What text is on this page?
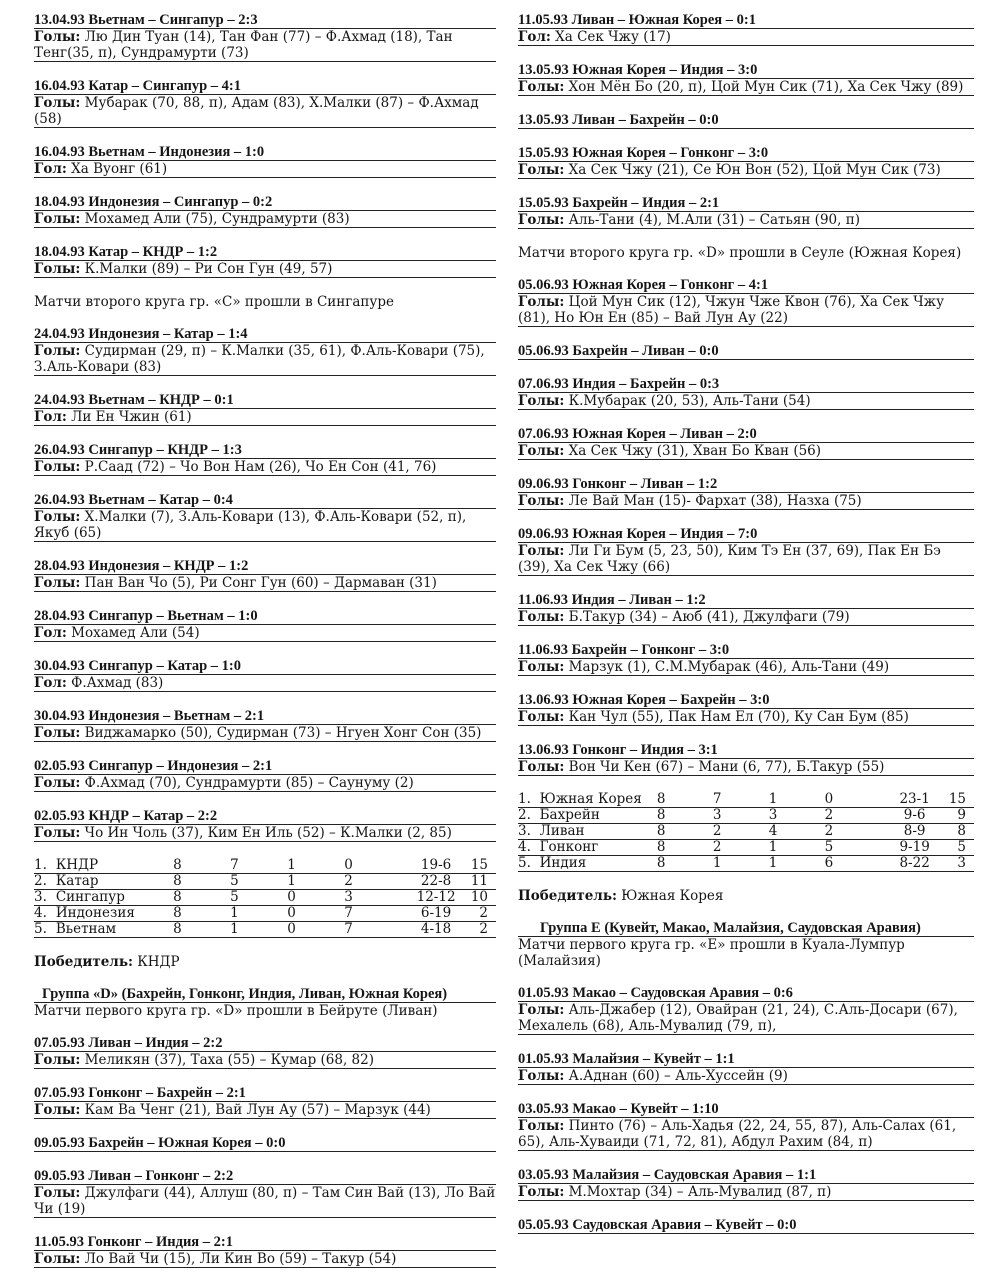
13.04.93 Вьетнам – Сингапур – 2:3
Голы: Лю Дин Туан (14), Тан Фан (77) – Ф.Ахмад (18), Тан Тенг(35, п), Сундрамурти (73)
16.04.93 Катар – Сингапур – 4:1
Голы: Мубарак (70, 88, п), Адам (83), Х.Малки (87) – Ф.Ахмад (58)
16.04.93 Вьетнам – Индонезия – 1:0
Гол: Ха Вуонг (61)
18.04.93 Индонезия – Сингапур – 0:2
Голы: Мохамед Али (75), Сундрамурти (83)
18.04.93 Катар – КНДР – 1:2
Голы: К.Малки (89) – Ри Сон Гун (49, 57)
Матчи второго круга гр. «С» прошли в Сингапуре
24.04.93 Индонезия – Катар – 1:4
Голы: Судирман (29, п) – К.Малки (35, 61), Ф.Аль-Ковари (75), З.Аль-Ковари (83)
24.04.93 Вьетнам – КНДР – 0:1
Гол: Ли Ен Чжин (61)
26.04.93 Сингапур – КНДР – 1:3
Голы: Р.Саад (72) – Чо Вон Нам (26), Чо Ен Сон (41, 76)
26.04.93 Вьетнам – Катар – 0:4
Голы: Х.Малки (7), З.Аль-Ковари (13), Ф.Аль-Ковари (52, п), Якуб (65)
28.04.93 Индонезия – КНДР – 1:2
Голы: Пан Ван Чо (5), Ри Сонг Гун (60) – Дармаван (31)
28.04.93 Сингапур – Вьетнам – 1:0
Гол: Мохамед Али (54)
30.04.93 Сингапур – Катар – 1:0
Гол: Ф.Ахмад (83)
30.04.93 Индонезия – Вьетнам – 2:1
Голы: Виджамарко (50), Судирман (73) – Нгуен Хонг Сон (35)
02.05.93 Сингапур – Индонезия – 2:1
Голы: Ф.Ахмад (70), Сундрамурти (85) – Саунуму (2)
02.05.93 КНДР – Катар – 2:2
Голы: Чо Ин Чоль (37), Ким Ен Иль (52) – К.Малки (2, 85)
1.	КНДР	8	7	1	0	19-6	15
2.	Катар	8	5	1	2	22-8	11
3.	Сингапур	8	5	0	3	12-12	10
4.	Индонезия	8	1	0	7	6-19	2
5.	Вьетнам	8	1	0	7	4-18	2
Победитель: КНДР
Группа «D» (Бахрейн, Гонконг, Индия, Ливан, Южная Корея)
Матчи первого круга гр. «D» прошли в Бейруте (Ливан)
07.05.93 Ливан – Индия – 2:2
Голы: Меликян (37), Таха (55) – Кумар (68, 82)
07.05.93 Гонконг – Бахрейн – 2:1
Голы: Кам Ва Ченг (21), Вай Лун Ау (57) – Марзук (44)
09.05.93 Бахрейн – Южная Корея – 0:0
09.05.93 Ливан – Гонконг – 2:2
Голы: Джулфаги (44), Аллуш (80, п) – Там Син Вай (13), Ло Вай Чи (19)
11.05.93 Гонконг – Индия – 2:1
Голы: Ло Вай Чи (15), Ли Кин Во (59) – Такур (54)
11.05.93 Ливан – Южная Корея – 0:1
Гол: Ха Сек Чжу (17)
13.05.93 Южная Корея – Индия – 3:0
Голы: Хон Мён Бо (20, п), Цой Мун Сик (71), Ха Сек Чжу (89)
13.05.93 Ливан – Бахрейн – 0:0
15.05.93 Южная Корея – Гонконг – 3:0
Голы: Ха Сек Чжу (21), Се Юн Вон (52), Цой Мун Сик (73)
15.05.93 Бахрейн – Индия – 2:1
Голы: Аль-Тани (4), М.Али (31) – Сатьян (90, п)
Матчи второго круга гр. «D» прошли в Сеуле (Южная Корея)
05.06.93 Южная Корея – Гонконг – 4:1
Голы: Цой Мун Сик (12), Чжун Чже Квон (76), Ха Сек Чжу (81), Но Юн Ен (85) – Вай Лун Ау (22)
05.06.93 Бахрейн – Ливан – 0:0
07.06.93 Индия – Бахрейн – 0:3
Голы: К.Мубарак (20, 53), Аль-Тани (54)
07.06.93 Южная Корея – Ливан – 2:0
Голы: Ха Сек Чжу (31), Хван Бо Кван (56)
09.06.93 Гонконг – Ливан – 1:2
Голы: Ле Вай Ман (15)- Фархат (38), Назха (75)
09.06.93 Южная Корея – Индия – 7:0
Голы: Ли Ги Бум (5, 23, 50), Ким Тэ Ен (37, 69), Пак Ен Бэ (39), Ха Сек Чжу (66)
11.06.93 Индия – Ливан – 1:2
Голы: Б.Такур (34) – Аюб (41), Джулфаги (79)
11.06.93 Бахрейн – Гонконг – 3:0
Голы: Марзук (1), С.М.Мубарак (46), Аль-Тани (49)
13.06.93 Южная Корея – Бахрейн – 3:0
Голы: Кан Чул (55), Пак Нам Ел (70), Ку Сан Бум (85)
13.06.93 Гонконг – Индия – 3:1
Голы: Вон Чи Кен (67) – Мани (6, 77), Б.Такур (55)
1.	Южная Корея	8	7	1	0	23-1	15
2.	Бахрейн	8	3	3	2	9-6	9
3.	Ливан	8	2	4	2	8-9	8
4.	Гонконг	8	2	1	5	9-19	5
5.	Индия	8	1	1	6	8-22	3
Победитель: Южная Корея
Группа Е (Кувейт, Макао, Малайзия, Саудовская Аравия)
Матчи первого круга гр. «Е» прошли в Куала-Лумпур (Малайзия)
01.05.93 Макао – Саудовская Аравия – 0:6
Голы: Аль-Джабер (12), Овайран (21, 24), С.Аль-Досари (67), Мехалель (68), Аль-Мувалид (79, п),
01.05.93 Малайзия – Кувейт – 1:1
Голы: А.Аднан (60) – Аль-Хуссейн (9)
03.05.93 Макао – Кувейт – 1:10
Голы: Пинто (76) – Аль-Хадья (22, 24, 55, 87), Аль-Салах (61, 65), Аль-Хуваиди (71, 72, 81), Абдул Рахим (84, п)
03.05.93 Малайзия – Саудовская Аравия – 1:1
Голы: М.Мохтар (34) – Аль-Мувалид (87, п)
05.05.93 Саудовская Аравия – Кувейт – 0:0
